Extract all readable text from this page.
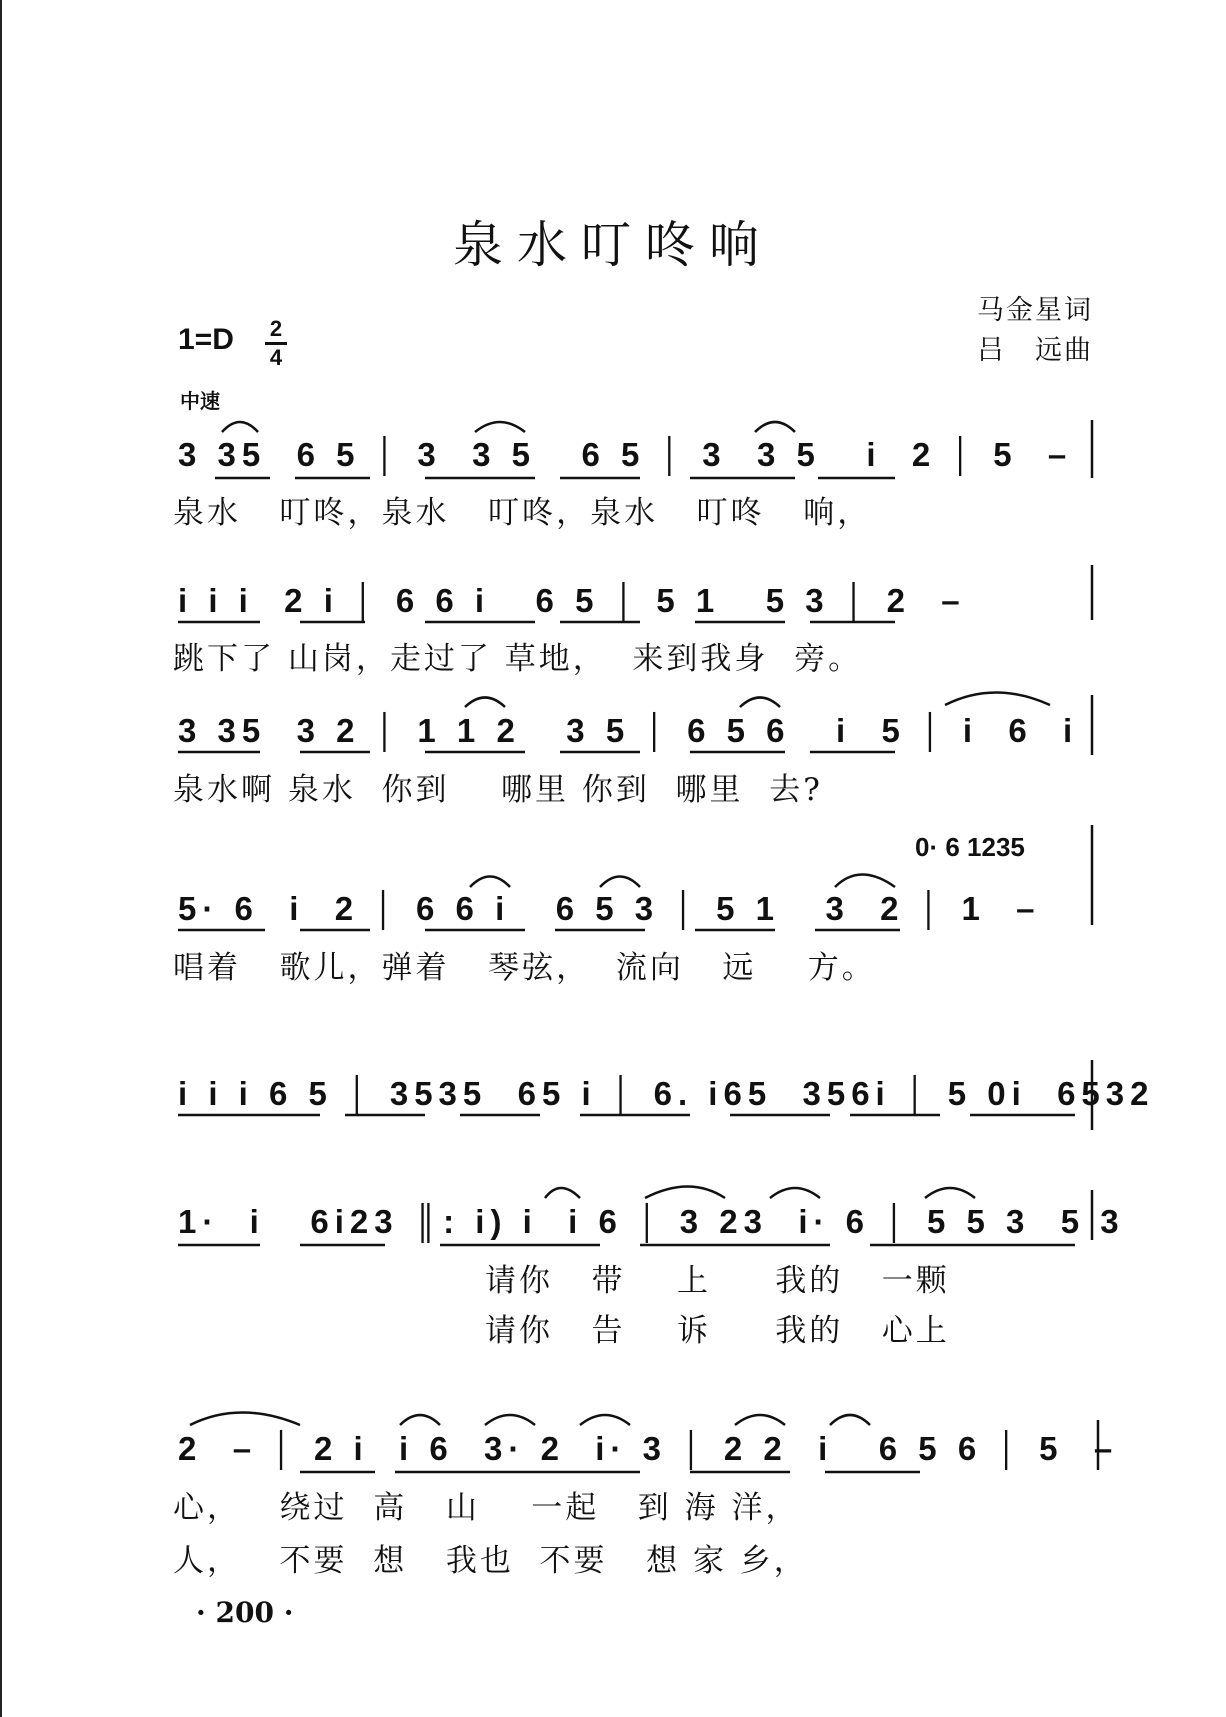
泉水叮咚响
1=D 2
4
中速
马金星词
吕　远曲
3 35  6 5 │ 3  3 5   6 5 │ 3  3 5   i  2 │ 5  –
泉水   叮咚，泉水   叮咚，泉水   叮咚   响，
i i i  2 i │ 6 6 i   6 5 │ 5 1   5 3 │ 2  –
跳下了 山岗，走过了 草地，  来到我身  旁。
3 35  3 2 │ 1 1 2   3 5 │ 6 5 6   i  5 │ i  6  i
泉水啊 泉水  你到    哪里 你到  哪里  去?
0· 6 1235
5· 6  i  2 │ 6 6 i   6 5 3 │ 5 1   3  2 │ 1  –
唱着   歌儿，弹着   琴弦，  流向   远    方。
i i i 6 5 │ 3535  65 i │ 6. i65  356i │ 5 0i  6532
1·  i   6i23 ║: i) i  i 6 │ 3 23  i· 6 │ 5 5 3  5 3
请你   带    上     我的   一颗
请你   告    诉     我的   心上
2  – │ 2 i  i 6  3· 2  i· 3 │ 2 2  i   6 5 6 │ 5  –
心，   绕过  高   山    一起   到 海 洋，
人，   不要  想   我也  不要   想 家 乡，
· 200 ·
